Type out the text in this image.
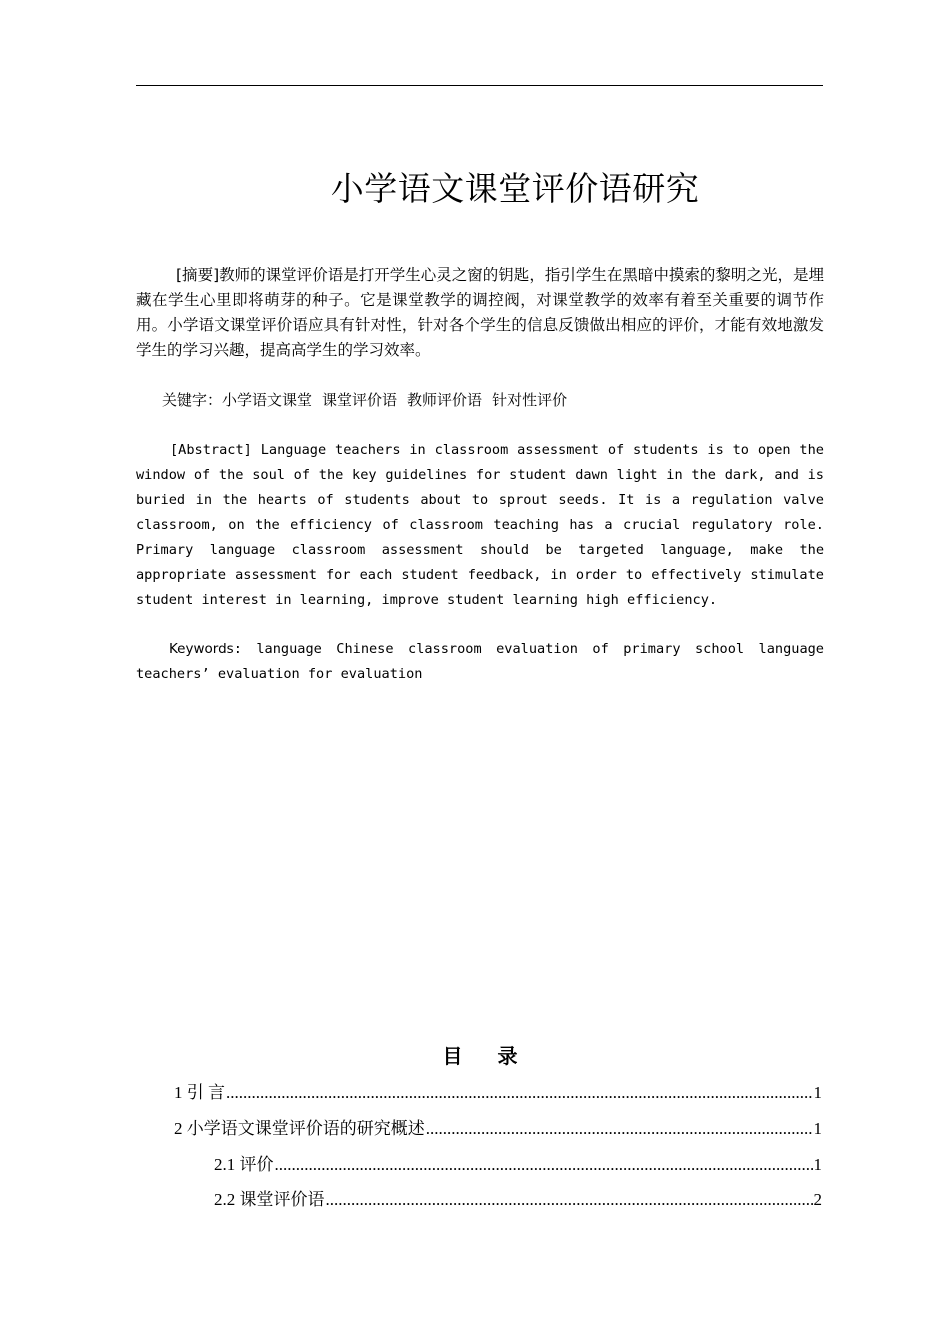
小学语文课堂评价语研究
[摘要]教师的课堂评价语是打开学生心灵之窗的钥匙，指引学生在黑暗中摸索的黎明之光，是埋藏在学生心里即将萌芽的种子。它是课堂教学的调控阀，对课堂教学的效率有着至关重要的调节作用。小学语文课堂评价语应具有针对性，针对各个学生的信息反馈做出相应的评价，才能有效地激发学生的学习兴趣，提高高学生的学习效率。
关键字：小学语文课堂 课堂评价语 教师评价语 针对性评价
[Abstract] Language teachers in classroom assessment of students is to open the window of the soul of the key guidelines for student dawn light in the dark, and is buried in the hearts of students about to sprout seeds. It is a regulation valve classroom, on the efficiency of classroom teaching has a crucial regulatory role. Primary language classroom assessment should be targeted language, make the appropriate assessment for each student feedback, in order to effectively stimulate student interest in learning, improve student learning high efficiency.
Keywords: language Chinese classroom evaluation of primary school language teachers’ evaluation for evaluation
目 录
1 引 言 .....	1
2 小学语文课堂评价语的研究概述 .....	1
2.1 评价 .....	1
2.2 课堂评价语 .....	2
